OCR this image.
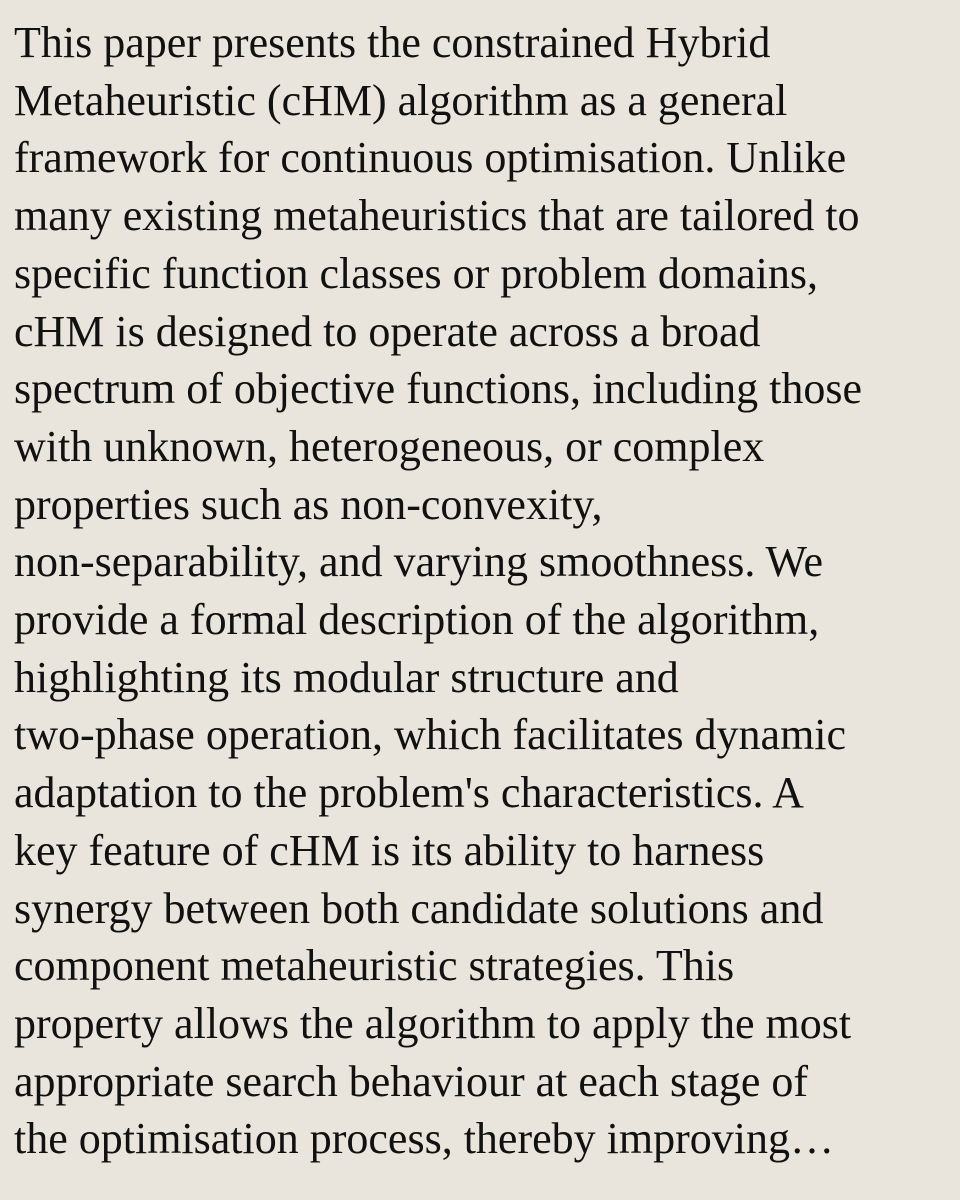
This paper presents the constrained Hybrid
Metaheuristic (cHM) algorithm as a general
framework for continuous optimisation. Unlike
many existing metaheuristics that are tailored to
specific function classes or problem domains,
cHM is designed to operate across a broad
spectrum of objective functions, including those
with unknown, heterogeneous, or complex
properties such as non-convexity,
non-separability, and varying smoothness. We
provide a formal description of the algorithm,
highlighting its modular structure and
two-phase operation, which facilitates dynamic
adaptation to the problem's characteristics. A
key feature of cHM is its ability to harness
synergy between both candidate solutions and
component metaheuristic strategies. This
property allows the algorithm to apply the most
appropriate search behaviour at each stage of
the optimisation process, thereby improving…
